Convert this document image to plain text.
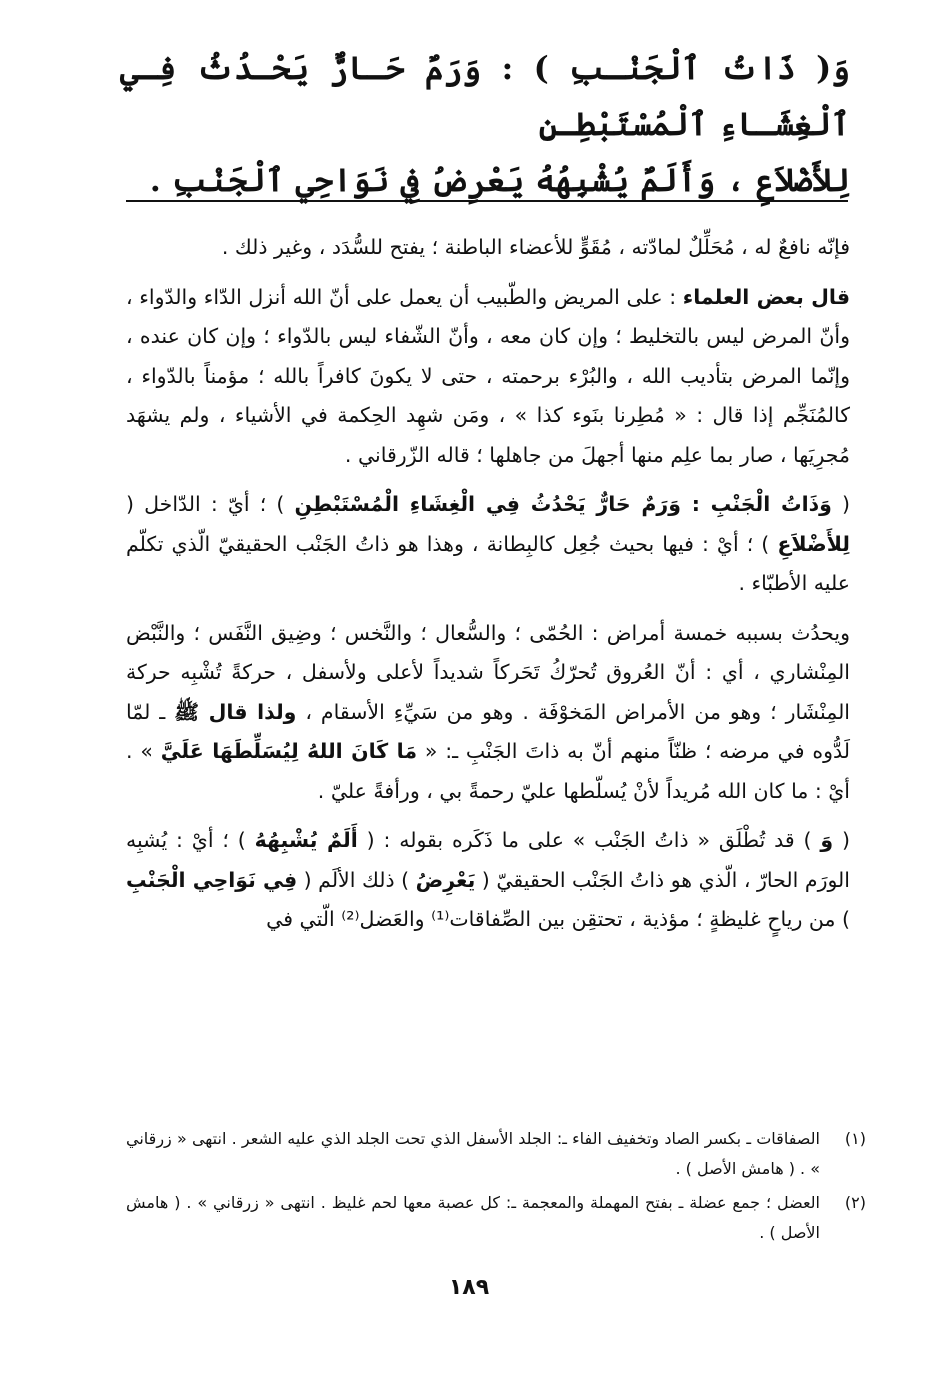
وَ( ذَاتُ ٱلْجَنْـبِ ) : وَرَمٌ حَـارٌّ يَحْـدُثُ فِـي ٱلْغِشَـاءِ ٱلْمُسْتَبْطِـنِ

لِلأَضْلاَعِ ، وَأَلَمٌ يُشْبِهُهُ يَعْرِضُ فِي نَوَاحِي ٱلْجَنْبِ .

فإنّه نافعٌ له ، مُحَلِّلٌ لمادّته ، مُقَوٍّ للأعضاء الباطنة ؛ يفتح للسُّدَد ، وغير ذلك .

قال بعض العلماء : على المريض والطّبيب أن يعمل على أنّ الله أنزل الدّاء والدّواء ، وأنّ المرض ليس بالتخليط ؛ وإن كان معه ، وأنّ الشّفاء ليس بالدّواء ؛ وإن كان عنده ، وإنّما المرض بتأديب الله ، والبُرْء برحمته ، حتى لا يكونَ كافراً بالله ؛ مؤمناً بالدّواء ، كالمُنَجِّم إذا قال : « مُطِرنا بنَوء كذا » ، ومَن شهِد الحِكمة في الأشياء ، ولم يشهَد مُجرِيَها ، صار بما علِم منها أجهلَ من جاهلها ؛ قاله الزّرقاني .

( وَذَاتُ الْجَنْبِ : وَرَمٌ حَارٌّ يَحْدُثُ فِي الْغِشَاءِ الْمُسْتَبْطِنِ ) ؛ أيّ : الدّاخل ( لِلأَضْلاَعِ ) ؛ أيْ : فيها بحيث جُعِل كالبِطانة ، وهذا هو ذاتُ الجَنْب الحقيقيّ الّذي تكلّم عليه الأطبّاء .

ويحدُث بسببه خمسة أمراض : الحُمّى ؛ والسُّعال ؛ والنَّخس ؛ وضِيق النَّفَس ؛ والنَّبْض المِنْشاري ، أي : أنّ العُروق تُحرّكُ تَحَركاً شديداً لأعلى ولأسفل ، حركةً تُشْبِه حركة المِنْشَار ؛ وهو من الأمراض المَخوْفَة . وهو من سَيِّءِ الأسقام ، ولذا قال ﷺ ـ لمّا لَدُّوه في مرضه ؛ ظنّاً منهم أنّ به ذاتَ الجَنْبِ ـ: « مَا كَانَ اللهُ لِيُسَلِّطَهَا عَلَيَّ » . أيْ : ما كان الله مُريداً لأنْ يُسلّطها عليّ رحمةً بي ، ورأفةً عليّ .

( وَ ) قد تُطْلَق « ذاتُ الجَنْب » على ما ذَكَره بقوله : ( أَلَمٌ يُشْبِهُهُ ) ؛ أيْ : يُشبِه الورَم الحارّ ، الّذي هو ذاتُ الجَنْب الحقيقيّ ( يَعْرِضُ ) ذلك الألَم ( فِي نَوَاحِي الْجَنْبِ ) من رياحٍ غليظةٍ ؛ مؤذية ، تحتقِن بين الصِّفاقات⁽¹⁾ والعَضل⁽²⁾ الّتي في

(١)
الصفاقات ـ بكسر الصاد وتخفيف الفاء ـ: الجلد الأسفل الذي تحت الجلد الذي عليه الشعر . انتهى « زرقاني » . ( هامش الأصل ) .
(٢)
العضل ؛ جمع عضلة ـ بفتح المهملة والمعجمة ـ: كل عصبة معها لحم غليظ . انتهى « زرقاني » . ( هامش الأصل ) .
١٨٩
